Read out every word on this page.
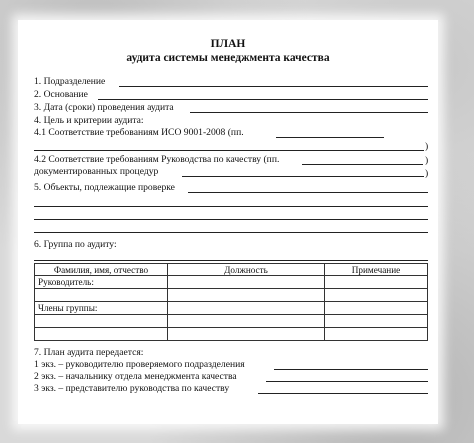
ПЛАН
аудита системы менеджмента качества
1. Подразделение
2. Основание
3. Дата (сроки) проведения аудита
4. Цель и критерии аудита:
4.1 Соответствие требованиям ИСО 9001-2008 (пп.
)
4.2 Соответствие требованиям Руководства по качеству (пп.	)
документированных процедур	)
5. Объекты, подлежащие проверке
6. Группа по аудиту:
Фамилия, имя, отчество	Должность	Примечание
Руководитель:		

Члены группы:		

7. План аудита передается:
1 экз. – руководителю проверяемого подразделения
2 экз. – начальнику отдела менеджмента качества
3 экз. – представителю руководства по качеству
